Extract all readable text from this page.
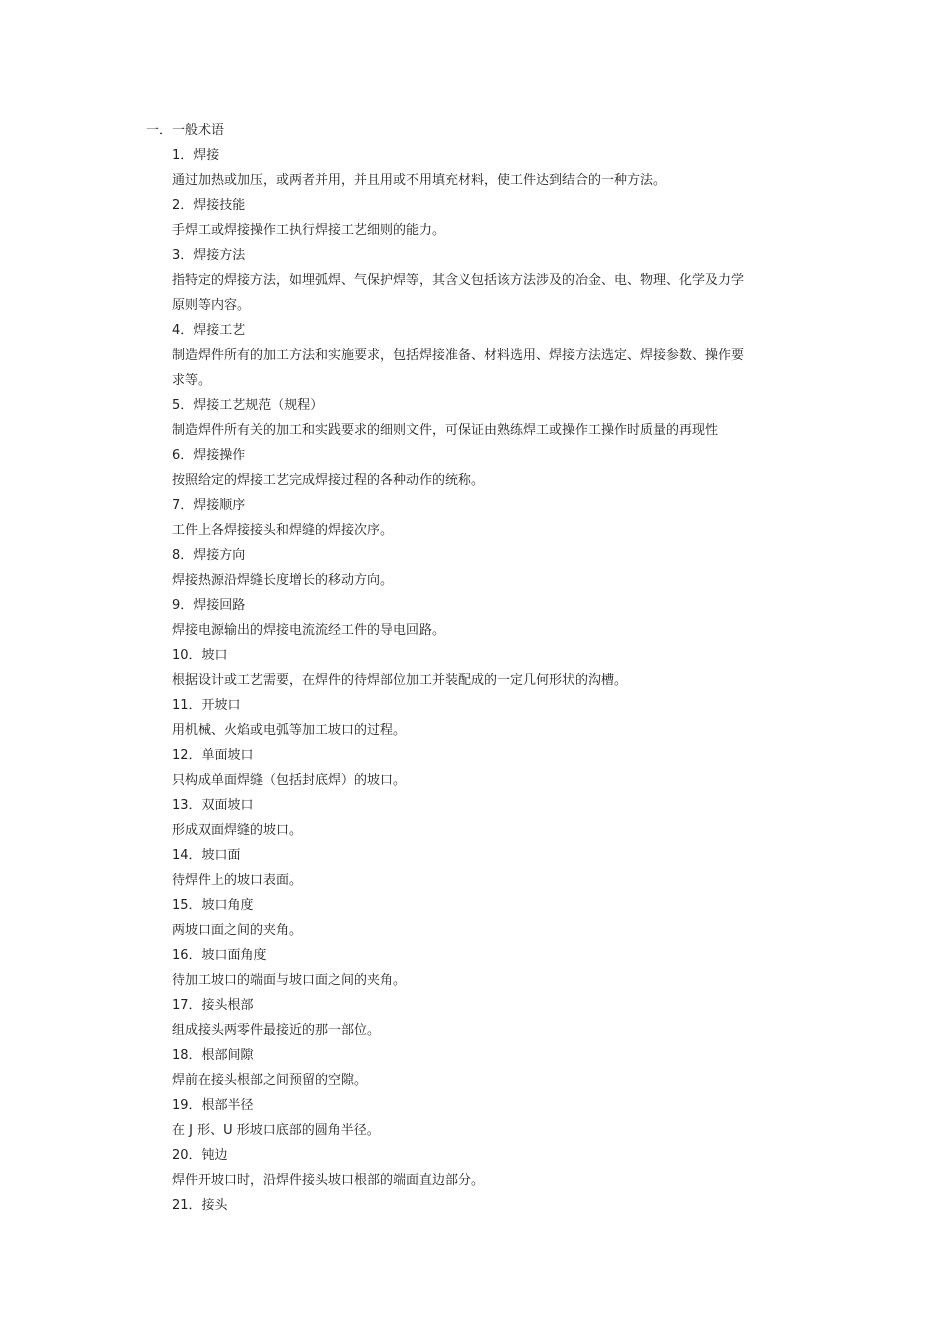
一．一般术语

1．焊接

通过加热或加压，或两者并用，并且用或不用填充材料，使工件达到结合的一种方法。

2．焊接技能

手焊工或焊接操作工执行焊接工艺细则的能力。

3．焊接方法

指特定的焊接方法，如埋弧焊、气保护焊等，其含义包括该方法涉及的冶金、电、物理、化学及力学

原则等内容。

4．焊接工艺

制造焊件所有的加工方法和实施要求，包括焊接准备、材料选用、焊接方法选定、焊接参数、操作要

求等。

5．焊接工艺规范（规程）

制造焊件所有关的加工和实践要求的细则文件，可保证由熟练焊工或操作工操作时质量的再现性

6．焊接操作

按照给定的焊接工艺完成焊接过程的各种动作的统称。

7．焊接顺序

工件上各焊接接头和焊缝的焊接次序。

8．焊接方向

焊接热源沿焊缝长度增长的移动方向。

9．焊接回路

焊接电源输出的焊接电流流经工件的导电回路。

10．坡口

根据设计或工艺需要，在焊件的待焊部位加工并装配成的一定几何形状的沟槽。

11．开坡口

用机械、火焰或电弧等加工坡口的过程。

12．单面坡口

只构成单面焊缝（包括封底焊）的坡口。

13．双面坡口

形成双面焊缝的坡口。

14．坡口面

待焊件上的坡口表面。

15．坡口角度

两坡口面之间的夹角。

16．坡口面角度

待加工坡口的端面与坡口面之间的夹角。

17．接头根部

组成接头两零件最接近的那一部位。

18．根部间隙

焊前在接头根部之间预留的空隙。

19．根部半径

在 J 形、U 形坡口底部的圆角半径。

20．钝边

焊件开坡口时，沿焊件接头坡口根部的端面直边部分。

21．接头
